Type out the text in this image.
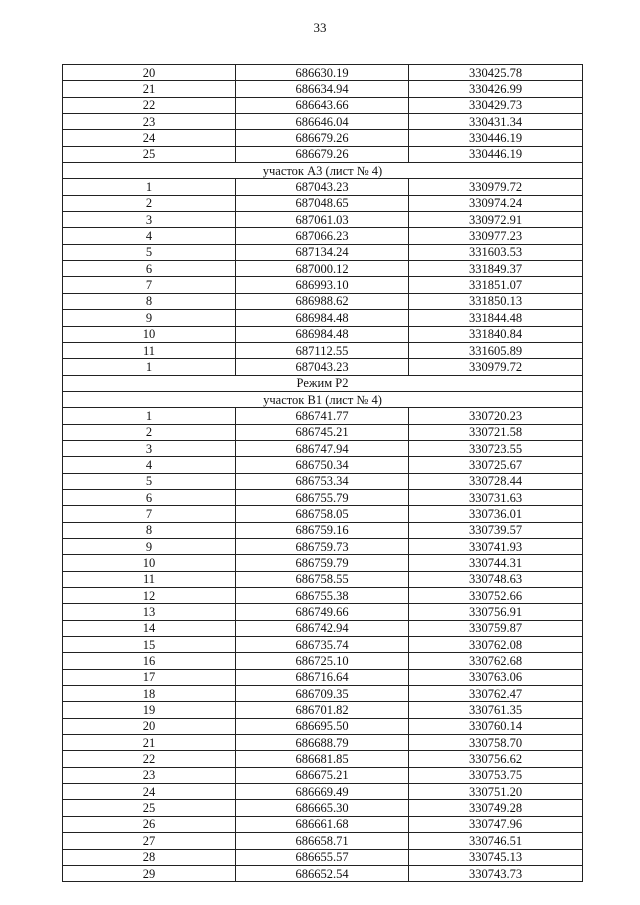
33
20	686630.19	330425.78
21	686634.94	330426.99
22	686643.66	330429.73
23	686646.04	330431.34
24	686679.26	330446.19
25	686679.26	330446.19
участок А3 (лист № 4)		
1	687043.23	330979.72
2	687048.65	330974.24
3	687061.03	330972.91
4	687066.23	330977.23
5	687134.24	331603.53
6	687000.12	331849.37
7	686993.10	331851.07
8	686988.62	331850.13
9	686984.48	331844.48
10	686984.48	331840.84
11	687112.55	331605.89
1	687043.23	330979.72
Режим Р2		
участок В1 (лист № 4)		
1	686741.77	330720.23
2	686745.21	330721.58
3	686747.94	330723.55
4	686750.34	330725.67
5	686753.34	330728.44
6	686755.79	330731.63
7	686758.05	330736.01
8	686759.16	330739.57
9	686759.73	330741.93
10	686759.79	330744.31
11	686758.55	330748.63
12	686755.38	330752.66
13	686749.66	330756.91
14	686742.94	330759.87
15	686735.74	330762.08
16	686725.10	330762.68
17	686716.64	330763.06
18	686709.35	330762.47
19	686701.82	330761.35
20	686695.50	330760.14
21	686688.79	330758.70
22	686681.85	330756.62
23	686675.21	330753.75
24	686669.49	330751.20
25	686665.30	330749.28
26	686661.68	330747.96
27	686658.71	330746.51
28	686655.57	330745.13
29	686652.54	330743.73
